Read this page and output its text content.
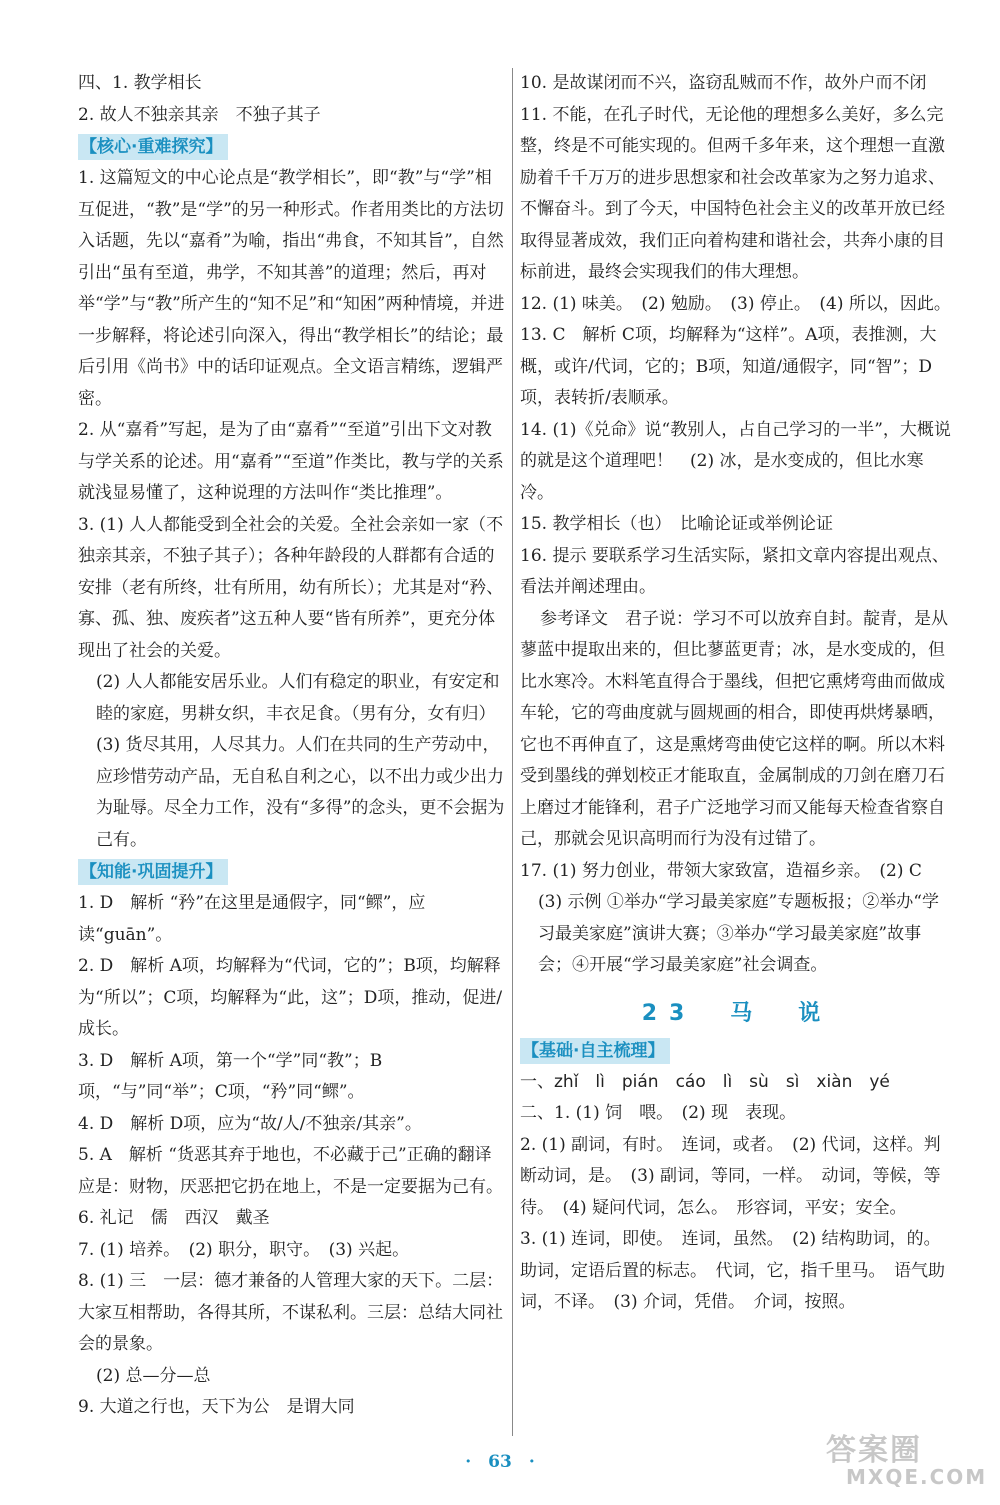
四、1. 教学相长

2. 故人不独亲其亲　不独子其子

【核心·重难探究】

1. 这篇短文的中心论点是“教学相长”，即“教”与“学”相互促进，“教”是“学”的另一种形式。作者用类比的方法切入话题，先以“嘉肴”为喻，指出“弗食，不知其旨”，自然引出“虽有至道，弗学，不知其善”的道理；然后，再对举“学”与“教”所产生的“知不足”和“知困”两种情境，并进一步解释，将论述引向深入，得出“教学相长”的结论；最后引用《尚书》中的话印证观点。全文语言精练，逻辑严密。

2. 从“嘉肴”写起，是为了由“嘉肴”“至道”引出下文对教与学关系的论述。用“嘉肴”“至道”作类比，教与学的关系就浅显易懂了，这种说理的方法叫作“类比推理”。

3. (1) 人人都能受到全社会的关爱。全社会亲如一家（不独亲其亲，不独子其子）；各种年龄段的人群都有合适的安排（老有所终，壮有所用，幼有所长）；尤其是对“矜、寡、孤、独、废疾者”这五种人要“皆有所养”，更充分体现出了社会的关爱。

(2) 人人都能安居乐业。人们有稳定的职业，有安定和睦的家庭，男耕女织，丰衣足食。（男有分，女有归）

(3) 货尽其用，人尽其力。人们在共同的生产劳动中，应珍惜劳动产品，无自私自利之心，以不出力或少出力为耻辱。尽全力工作，没有“多得”的念头，更不会据为己有。

【知能·巩固提升】

1. D　解析 “矜”在这里是通假字，同“鳏”，应读“guān”。

2. D　解析 A项，均解释为“代词，它的”；B项，均解释为“所以”；C项，均解释为“此，这”；D项，推动，促进/成长。

3. D　解析 A项，第一个“学”同“教”；B项，“与”同“举”；C项，“矜”同“鳏”。

4. D　解析 D项，应为“故/人/不独亲/其亲”。

5. A　解析 “货恶其弃于地也，不必藏于己”正确的翻译应是：财物，厌恶把它扔在地上，不是一定要据为己有。

6. 礼记　儒　西汉　戴圣

7. (1) 培养。　(2) 职分，职守。　(3) 兴起。

8. (1) 三　一层：德才兼备的人管理大家的天下。二层：大家互相帮助，各得其所，不谋私利。三层：总结大同社会的景象。

(2) 总—分—总

9. 大道之行也，天下为公　是谓大同

10. 是故谋闭而不兴，盗窃乱贼而不作，故外户而不闭

11. 不能，在孔子时代，无论他的理想多么美好，多么完整，终是不可能实现的。但两千多年来，这个理想一直激励着千千万万的进步思想家和社会改革家为之努力追求、不懈奋斗。到了今天，中国特色社会主义的改革开放已经取得显著成效，我们正向着构建和谐社会，共奔小康的目标前进，最终会实现我们的伟大理想。

12. (1) 味美。　(2) 勉励。　(3) 停止。　(4) 所以，因此。

13. C　解析 C项，均解释为“这样”。A项，表推测，大概，或许/代词，它的；B项，知道/通假字，同“智”；D项，表转折/表顺承。

14. (1)《兑命》说“教别人，占自己学习的一半”，大概说的就是这个道理吧！　(2) 冰，是水变成的，但比水寒冷。

15. 教学相长（也）　比喻论证或举例论证

16. 提示 要联系学习生活实际，紧扣文章内容提出观点、看法并阐述理由。

参考译文　君子说：学习不可以放弃自封。靛青，是从蓼蓝中提取出来的，但比蓼蓝更青；冰，是水变成的，但比水寒冷。木料笔直得合于墨线，但把它熏烤弯曲而做成车轮，它的弯曲度就与圆规画的相合，即使再烘烤暴晒，它也不再伸直了，这是熏烤弯曲使它这样的啊。所以木料受到墨线的弹划校正才能取直，金属制成的刀剑在磨刀石上磨过才能锋利，君子广泛地学习而又能每天检查省察自己，那就会见识高明而行为没有过错了。

17. (1) 努力创业，带领大家致富，造福乡亲。　(2) C

(3) 示例 ①举办“学习最美家庭”专题板报；②举办“学习最美家庭”演讲大赛；③举办“学习最美家庭”故事会；④开展“学习最美家庭”社会调查。

23　马　说
【基础·自主梳理】

一、zhǐ　lì　pián　cáo　lì　sù　sì　xiàn　yé

二、1. (1) 饲　喂。　(2) 现　表现。

2. (1) 副词，有时。　连词，或者。　(2) 代词，这样。判断动词，是。　(3) 副词，等同，一样。　动词，等候，等待。　(4) 疑问代词，怎么。　形容词，平安；安全。

3. (1) 连词，即使。　连词，虽然。　(2) 结构助词，的。助词，定语后置的标志。　代词，它，指千里马。　语气助词，不译。　(3) 介词，凭借。　介词，按照。

·　63　·	答案圈
MXQE.COM
